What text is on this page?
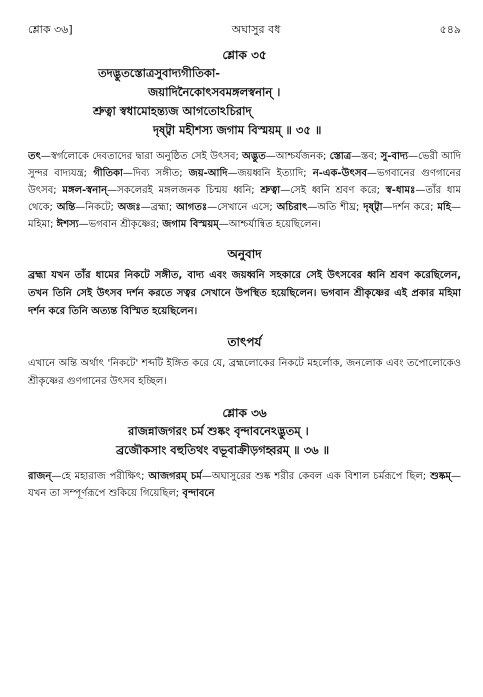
শ্লোক ৩৬]	অঘাসুর বধ	৫৪৯
শ্লোক ৩৫
তদদ্ভুতস্তোত্রসুবাদ্যগীতিকা-
জয়াদিনৈকোৎসবমঙ্গলস্বনান্ ।
শ্রুত্বা স্বধামোহন্ত্যজ আগতোঽচিরাদ্
দৃষ্ট্বা মহীশস্য জগাম বিস্ময়ম্ ॥ ৩৫ ॥
তৎ—স্বর্গলোকে দেবতাদের দ্বারা অনুষ্ঠিত সেই উৎসব; অদ্ভুত—আশ্চর্যজনক; স্তোত্র—স্তব; সু-বাদ্য—ভেরী আদি সুন্দর বাদ্যযন্ত্র; গীতিকা—দিব্য সঙ্গীত; জয়-আদি—জয়ধ্বনি ইত্যাদি; ন-এক-উৎসব—ভগবানের গুণগানের উৎসব; মঙ্গল-স্বনান্—সকলেরই মঙ্গলজনক চিন্ময় ধ্বনি; শ্রুত্বা—সেই ধ্বনি শ্রবণ করে; স্ব-ধামঃ—তাঁর ধাম থেকে; অন্তি—নিকটে; অজঃ—ব্রহ্মা; আগতঃ—সেখানে এসে; অচিরাৎ—অতি শীঘ্র; দৃষ্ট্বা—দর্শন করে; মহি—মহিমা; ঈশস্য—ভগবান শ্রীকৃষ্ণের; জগাম বিস্ময়ম্—আশ্চর্যান্বিত হয়েছিলেন।
অনুবাদ
ব্রহ্মা যখন তাঁর ধামের নিকটে সঙ্গীত, বাদ্য এবং জয়ধ্বনি সহকারে সেই উৎসবের ধ্বনি শ্রবণ করেছিলেন, তখন তিনি সেই উৎসব দর্শন করতে সত্বর সেখানে উপস্থিত হয়েছিলেন। ভগবান শ্রীকৃষ্ণের এই প্রকার মহিমা দর্শন করে তিনি অত্যন্ত বিস্মিত হয়েছিলেন।
তাৎপর্য
এখানে অন্তি অর্থাৎ 'নিকটে' শব্দটি ইঙ্গিত করে যে, ব্রহ্মলোকের নিকটে মহর্লোক, জনলোক এবং তপোলোকেও শ্রীকৃষ্ণের গুণগানের উৎসব হচ্ছিল।
শ্লোক ৩৬
রাজন্নাজগরং চর্ম শুষ্কং বৃন্দাবনেঽদ্ভুতম্ ।
ব্রজৌকসাং বহুতিথং বভূবাক্রীড়গহ্বরম্ ॥ ৩৬ ॥
রাজন্—হে মহারাজ পরীক্ষিৎ; আজগরম্ চর্ম—অঘাসুরের শুষ্ক শরীর কেবল এক বিশাল চর্মরূপে ছিল; শুষ্কম্—যখন তা সম্পূর্ণরূপে শুকিয়ে গিয়েছিল; বৃন্দাবনে
